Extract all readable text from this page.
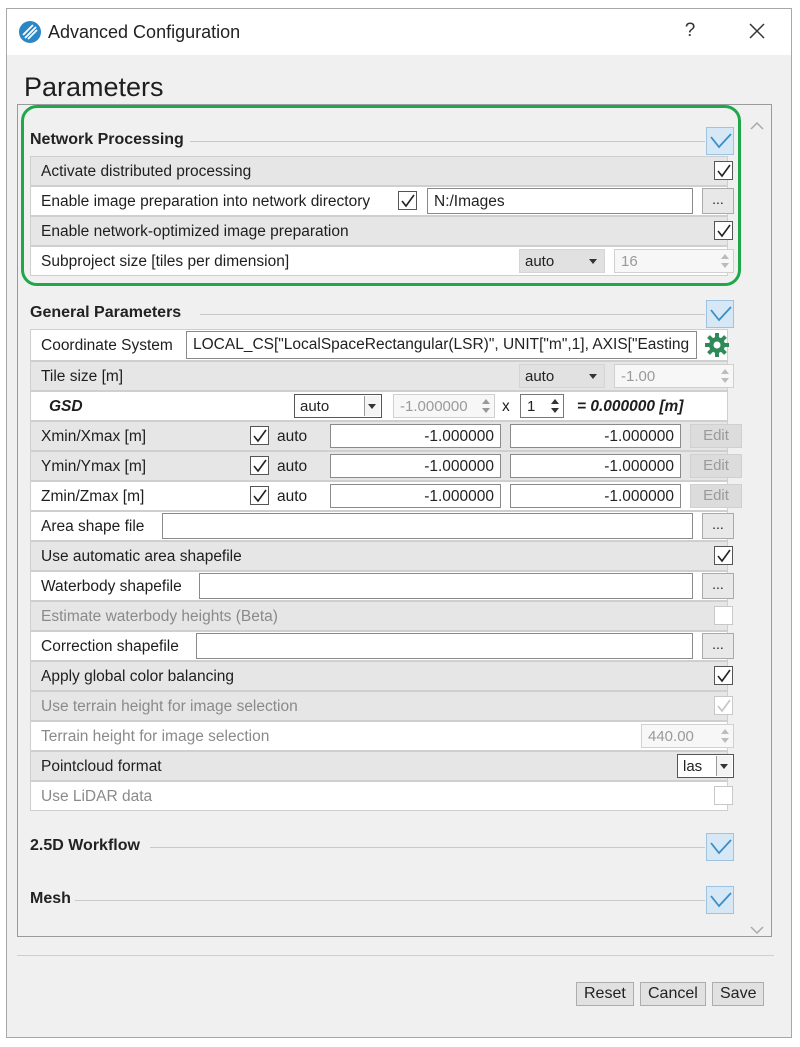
Advanced Configuration	?
Parameters
Network Processing
Activate distributed processing
Enable image preparation into network directory	N:/Images	...
Enable network-optimized image preparation
Subproject size [tiles per dimension]	auto	16
General Parameters
Coordinate System	LOCAL_CS["LocalSpaceRectangular(LSR)", UNIT["m",1], AXIS["Easting
Tile size [m]	auto	-1.00
GSD	auto	-1.000000	x	1	= 0.000000 [m]
Xmin/Xmax [m]	auto	-1.000000	-1.000000	Edit
Ymin/Ymax [m]	auto	-1.000000	-1.000000	Edit
Zmin/Zmax [m]	auto	-1.000000	-1.000000	Edit
Area shape file	...
Use automatic area shapefile
Waterbody shapefile	...
Estimate waterbody heights (Beta)
Correction shapefile	...
Apply global color balancing
Use terrain height for image selection
Terrain height for image selection	440.00
Pointcloud format	las
Use LiDAR data
2.5D Workflow
Mesh
Reset	Cancel	Save
